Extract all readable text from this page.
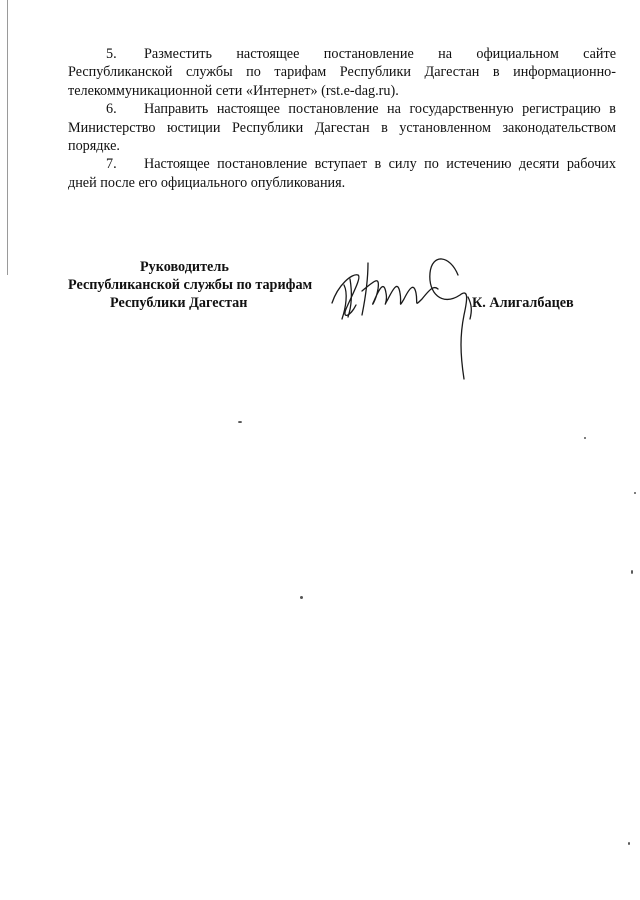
5. Разместить настоящее постановление на официальном сайте Республиканской службы по тарифам Республики Дагестан в информационно-телекоммуникационной сети «Интернет» (rst.e-dag.ru).

6. Направить настоящее постановление на государственную регистрацию в Министерство юстиции Республики Дагестан в установленном законодательством порядке.

7. Настоящее постановление вступает в силу по истечению десяти рабочих дней после его официального опубликования.

Руководитель
Республиканской службы по тарифам
Республики Дагестан	К. Алигалбацев
